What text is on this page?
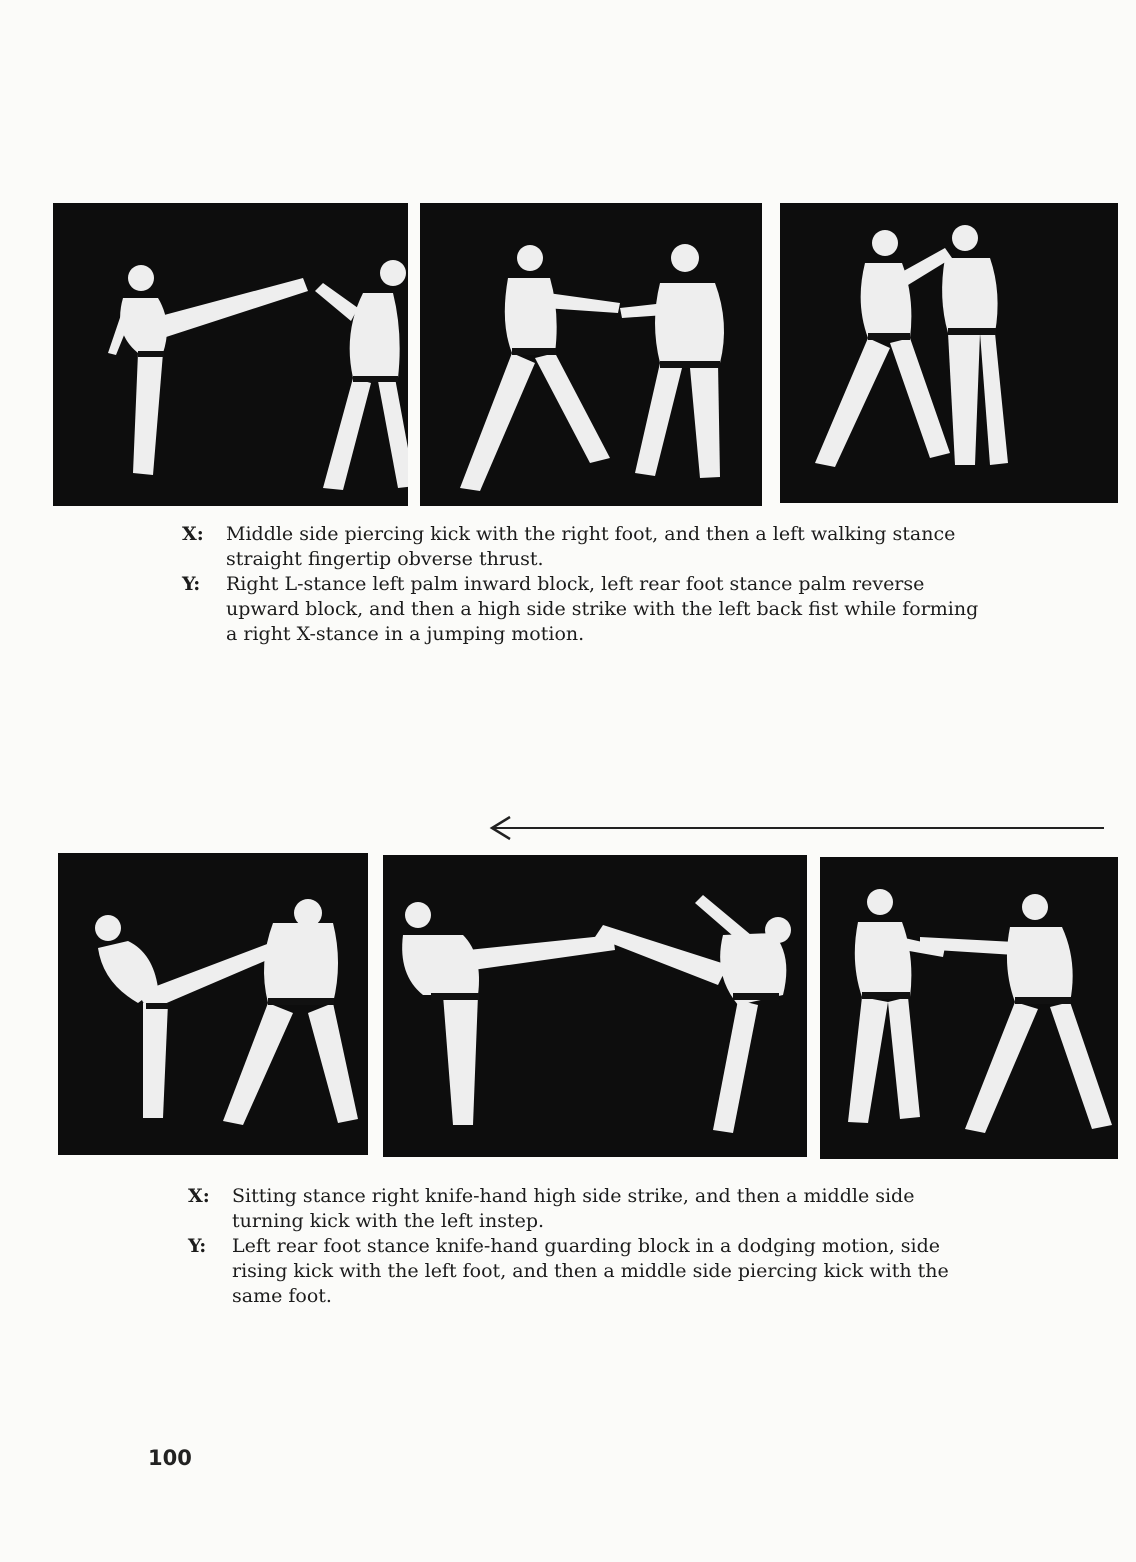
X:	Middle side piercing kick with the right foot, and then a left walking stance straight fingertip obverse thrust.
Y:	Right L-stance left palm inward block, left rear foot stance palm reverse upward block, and then a high side strike with the left back fist while forming a right X-stance in a jumping motion.
X:	Sitting stance right knife-hand high side strike, and then a middle side turning kick with the left instep.
Y:	Left rear foot stance knife-hand guarding block in a dodging motion, side rising kick with the left foot, and then a middle side piercing kick with the same foot.
100
